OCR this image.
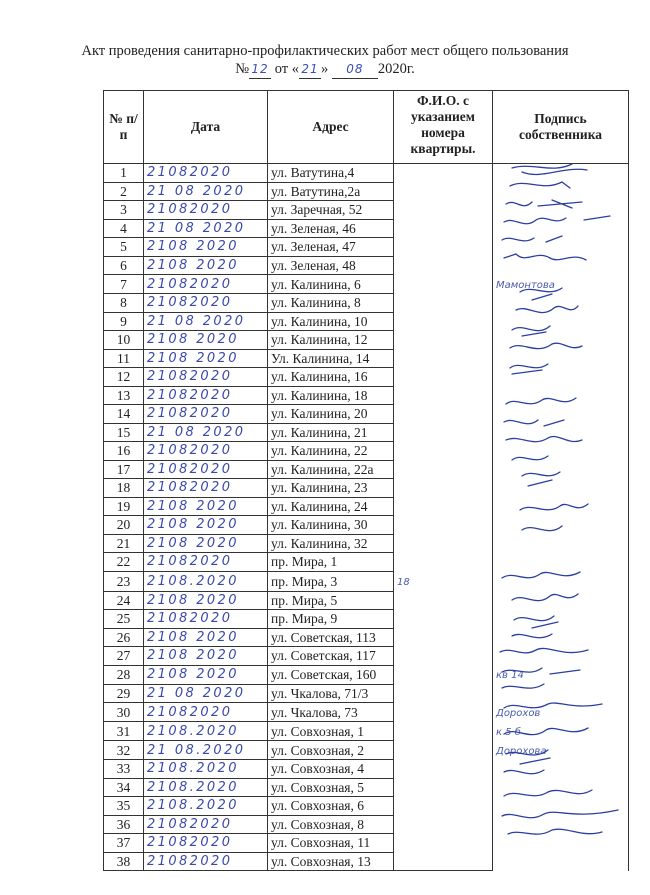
Акт проведения санитарно-профилактических работ мест общего пользования
№ 12 от « 21 » 08 2020г.
№ п/п	Дата	Адрес	Ф.И.О. с указанием номера квартиры.	Подпись собственника
1	21082020	ул. Ватутина,4		
2	21 08 2020	ул. Ватутина,2а		
3	21082020	ул. Заречная, 52		
4	21 08 2020	ул. Зеленая, 46		
5	2108 2020	ул. Зеленая, 47		
6	2108 2020	ул. Зеленая, 48		
7	21082020	ул. Калинина, 6		Мамонтова
8	21082020	ул. Калинина, 8		
9	21 08 2020	ул. Калинина, 10		
10	2108 2020	ул. Калинина, 12		
11	2108 2020	Ул. Калинина, 14		
12	21082020	ул. Калинина, 16		
13	21082020	ул. Калинина, 18		
14	21082020	ул. Калинина, 20		
15	21 08 2020	ул. Калинина, 21		
16	21082020	ул. Калинина, 22		
17	21082020	ул. Калинина, 22а		
18	21082020	ул. Калинина, 23		
19	2108 2020	ул. Калинина, 24		
20	2108 2020	ул. Калинина, 30		
21	2108 2020	ул. Калинина, 32		
22	21082020	пр. Мира, 1		
23	2108.2020	пр. Мира, 3	18	
24	2108 2020	пр. Мира, 5		
25	21082020	пр. Мира, 9		
26	2108 2020	ул. Советская, 113		
27	2108 2020	ул. Советская, 117		
28	2108 2020	ул. Советская, 160		кв 14
29	21 08 2020	ул. Чкалова, 71/3		
30	21082020	ул. Чкалова, 73		Дорохов
31	2108.2020	ул. Совхозная, 1		к 5 б
32	21 08.2020	ул. Совхозная, 2		Дорохова
33	2108.2020	ул. Совхозная, 4		
34	2108.2020	ул. Совхозная, 5		
35	2108.2020	ул. Совхозная, 6		
36	21082020	ул. Совхозная, 8		
37	21082020	ул. Совхозная, 11		
38	21082020	ул. Совхозная, 13		
